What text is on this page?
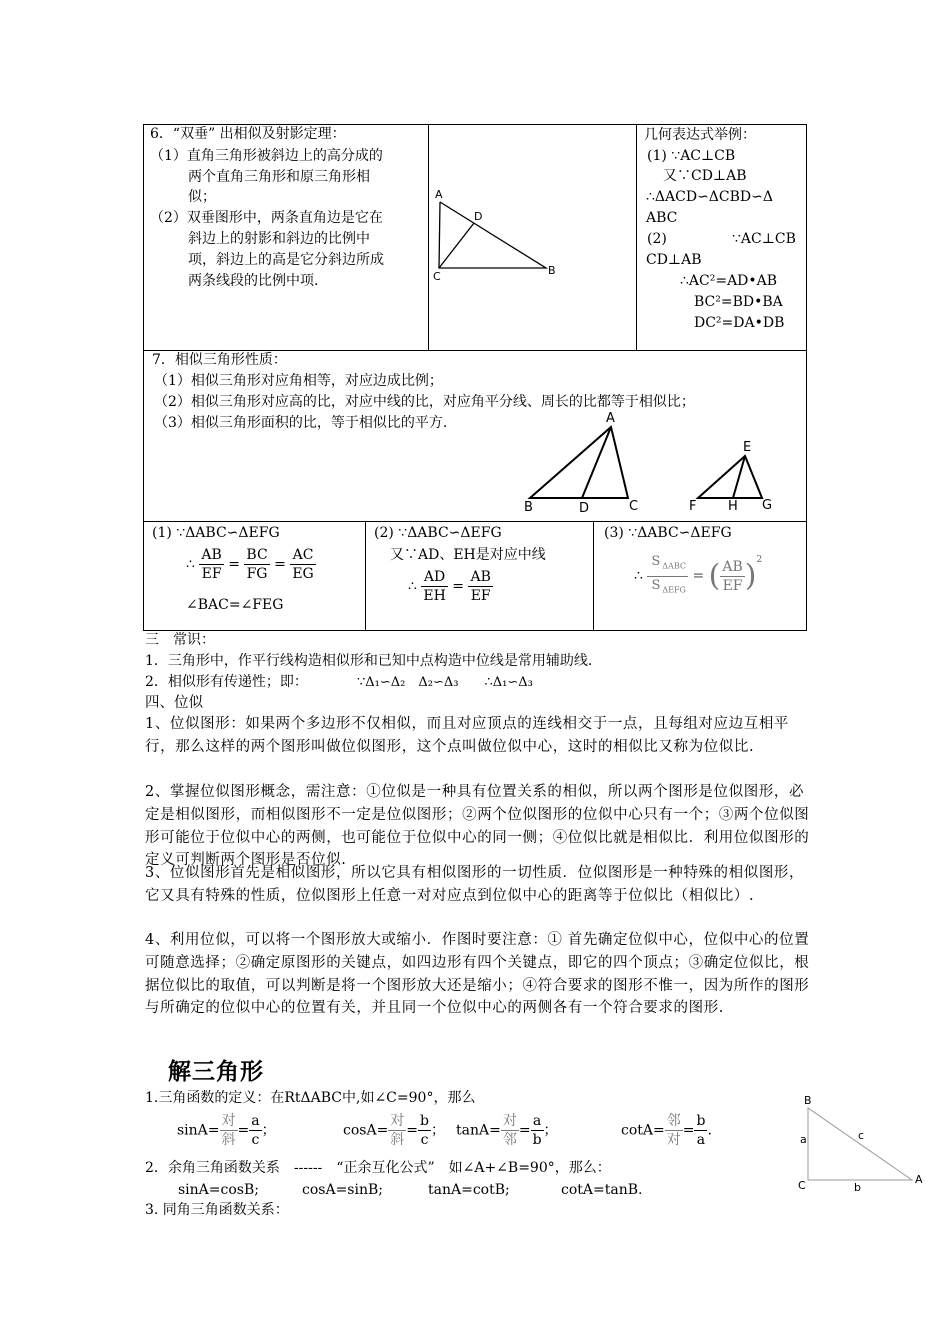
6．“双垂” 出相似及射影定理：
（1）直角三角形被斜边上的高分成的
两个直角三角形和原三角形相
似；
（2）双垂图形中，两条直角边是它在
斜边上的射影和斜边的比例中
项，斜边上的高是它分斜边所成
两条线段的比例中项.
A
D
C	B
几何表达式举例：
(1) ∵AC⊥CB
又∵CD⊥AB
∴ΔACD∽ΔCBD∽Δ
ABC
(2)	∵AC⊥CB
CD⊥AB
∴AC²=AD•AB
BC²=BD•BA
DC²=DA•DB
7．相似三角形性质：
（1）相似三角形对应角相等，对应边成比例；
（2）相似三角形对应高的比，对应中线的比，对应角平分线、周长的比都等于相似比；
（3）相似三角形面积的比，等于相似比的平方.	A
B	D	C
E
F H G
(1) ∵ΔABC∽ΔEFG
∴ $\frac{AB}{EF} = \frac{BC}{FG} = \frac{AC}{EG}$
∠BAC=∠FEG
(2) ∵ΔABC∽ΔEFG
又∵AD、EH是对应中线
∴ $\frac{AD}{EH} = \frac{AB}{EF}$
(3) ∵ΔABC∽ΔEFG
∴ $\frac{S _{\Delta ABC}}{S _{\Delta EFG}}$ = ( $\frac{AB}{EF} )^2$
三　常识：
1．三角形中，作平行线构造相似形和已知中点构造中位线是常用辅助线.
2．相似形有传递性；即：	∵Δ₁∽Δ₂　Δ₂∽Δ₃　　∴Δ₁∽Δ₃
四、位似
1、位似图形：如果两个多边形不仅相似，而且对应顶点的连线相交于一点，且每组对应边互相平行，那么这样的两个图形叫做位似图形，这个点叫做位似中心，这时的相似比又称为位似比.
2、掌握位似图形概念，需注意：①位似是一种具有位置关系的相似，所以两个图形是位似图形，必定是相似图形，而相似图形不一定是位似图形；②两个位似图形的位似中心只有一个；③两个位似图形可能位于位似中心的两侧，也可能位于位似中心的同一侧；④位似比就是相似比．利用位似图形的定义可判断两个图形是否位似.
3、位似图形首先是相似图形，所以它具有相似图形的一切性质．位似图形是一种特殊的相似图形，它又具有特殊的性质，位似图形上任意一对对应点到位似中心的距离等于位似比（相似比）.
4、利用位似，可以将一个图形放大或缩小．作图时要注意：① 首先确定位似中心，位似中心的位置可随意选择；②确定原图形的关键点，如四边形有四个关键点，即它的四个顶点；③确定位似比，根据位似比的取值，可以判断是将一个图形放大还是缩小；④符合要求的图形不惟一，因为所作的图形与所确定的位似中心的位置有关，并且同一个位似中心的两侧各有一个符合要求的图形.
解三角形
1.三角函数的定义：在RtΔABC中,如∠C=90°，那么
$\sin A= \frac{\text{对}}{\text{斜}} = \frac{a}{c}$ ；	$\cos A= \frac{\text{对}}{\text{斜}} = \frac{b}{c}$ ； $\tan A= \frac{\text{对}}{\text{邻}} = \frac{a}{b}$ ；	$\cot A= \frac{\text{邻}}{\text{对}} = \frac{b}{a}$ .
2．余角三角函数关系　------　“正余互化公式”　如∠A+∠B=90°，那么：
sinA=cosB;	cosA=sinB;	tanA=cotB;	cotA=tanB.
3. 同角三角函数关系：
B
a	c
C	b
A
